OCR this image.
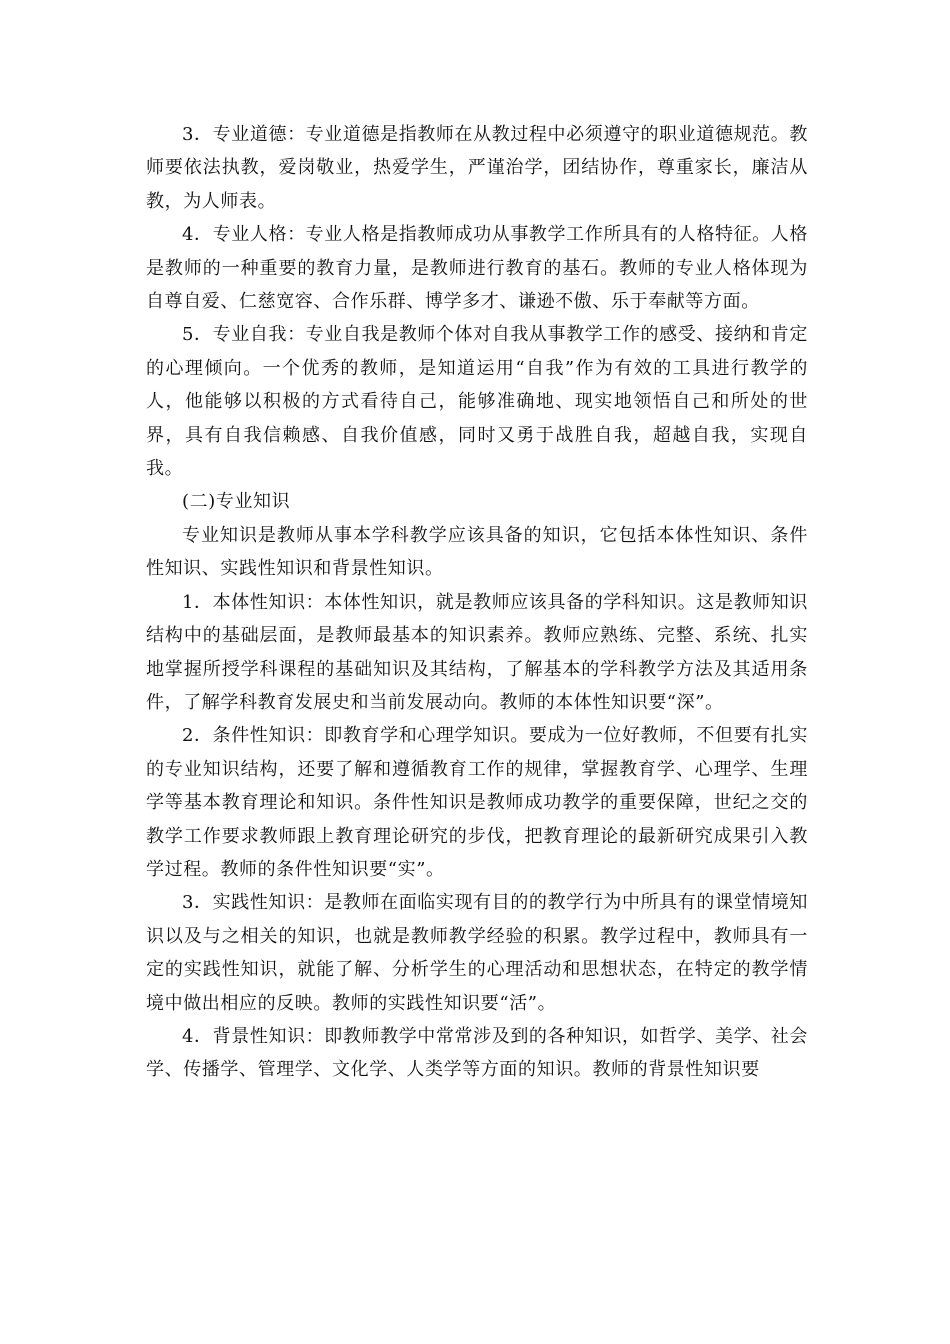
3．专业道德：专业道德是指教师在从教过程中必须遵守的职业道德规范。教师要依法执教，爱岗敬业，热爱学生，严谨治学，团结协作，尊重家长，廉洁从教，为人师表。

4．专业人格：专业人格是指教师成功从事教学工作所具有的人格特征。人格是教师的一种重要的教育力量，是教师进行教育的基石。教师的专业人格体现为自尊自爱、仁慈宽容、合作乐群、博学多才、谦逊不傲、乐于奉献等方面。

5．专业自我：专业自我是教师个体对自我从事教学工作的感受、接纳和肯定的心理倾向。一个优秀的教师，是知道运用“自我”作为有效的工具进行教学的人，他能够以积极的方式看待自己，能够准确地、现实地领悟自己和所处的世界，具有自我信赖感、自我价值感，同时又勇于战胜自我，超越自我，实现自我。

(二)专业知识

专业知识是教师从事本学科教学应该具备的知识，它包括本体性知识、条件性知识、实践性知识和背景性知识。

1．本体性知识：本体性知识，就是教师应该具备的学科知识。这是教师知识结构中的基础层面，是教师最基本的知识素养。教师应熟练、完整、系统、扎实地掌握所授学科课程的基础知识及其结构，了解基本的学科教学方法及其适用条件，了解学科教育发展史和当前发展动向。教师的本体性知识要“深”。

2．条件性知识：即教育学和心理学知识。要成为一位好教师，不但要有扎实的专业知识结构，还要了解和遵循教育工作的规律，掌握教育学、心理学、生理学等基本教育理论和知识。条件性知识是教师成功教学的重要保障，世纪之交的教学工作要求教师跟上教育理论研究的步伐，把教育理论的最新研究成果引入教学过程。教师的条件性知识要“实”。

3．实践性知识：是教师在面临实现有目的的教学行为中所具有的课堂情境知识以及与之相关的知识，也就是教师教学经验的积累。教学过程中，教师具有一定的实践性知识，就能了解、分析学生的心理活动和思想状态，在特定的教学情境中做出相应的反映。教师的实践性知识要“活”。

4．背景性知识：即教师教学中常常涉及到的各种知识，如哲学、美学、社会学、传播学、管理学、文化学、人类学等方面的知识。教师的背景性知识要
